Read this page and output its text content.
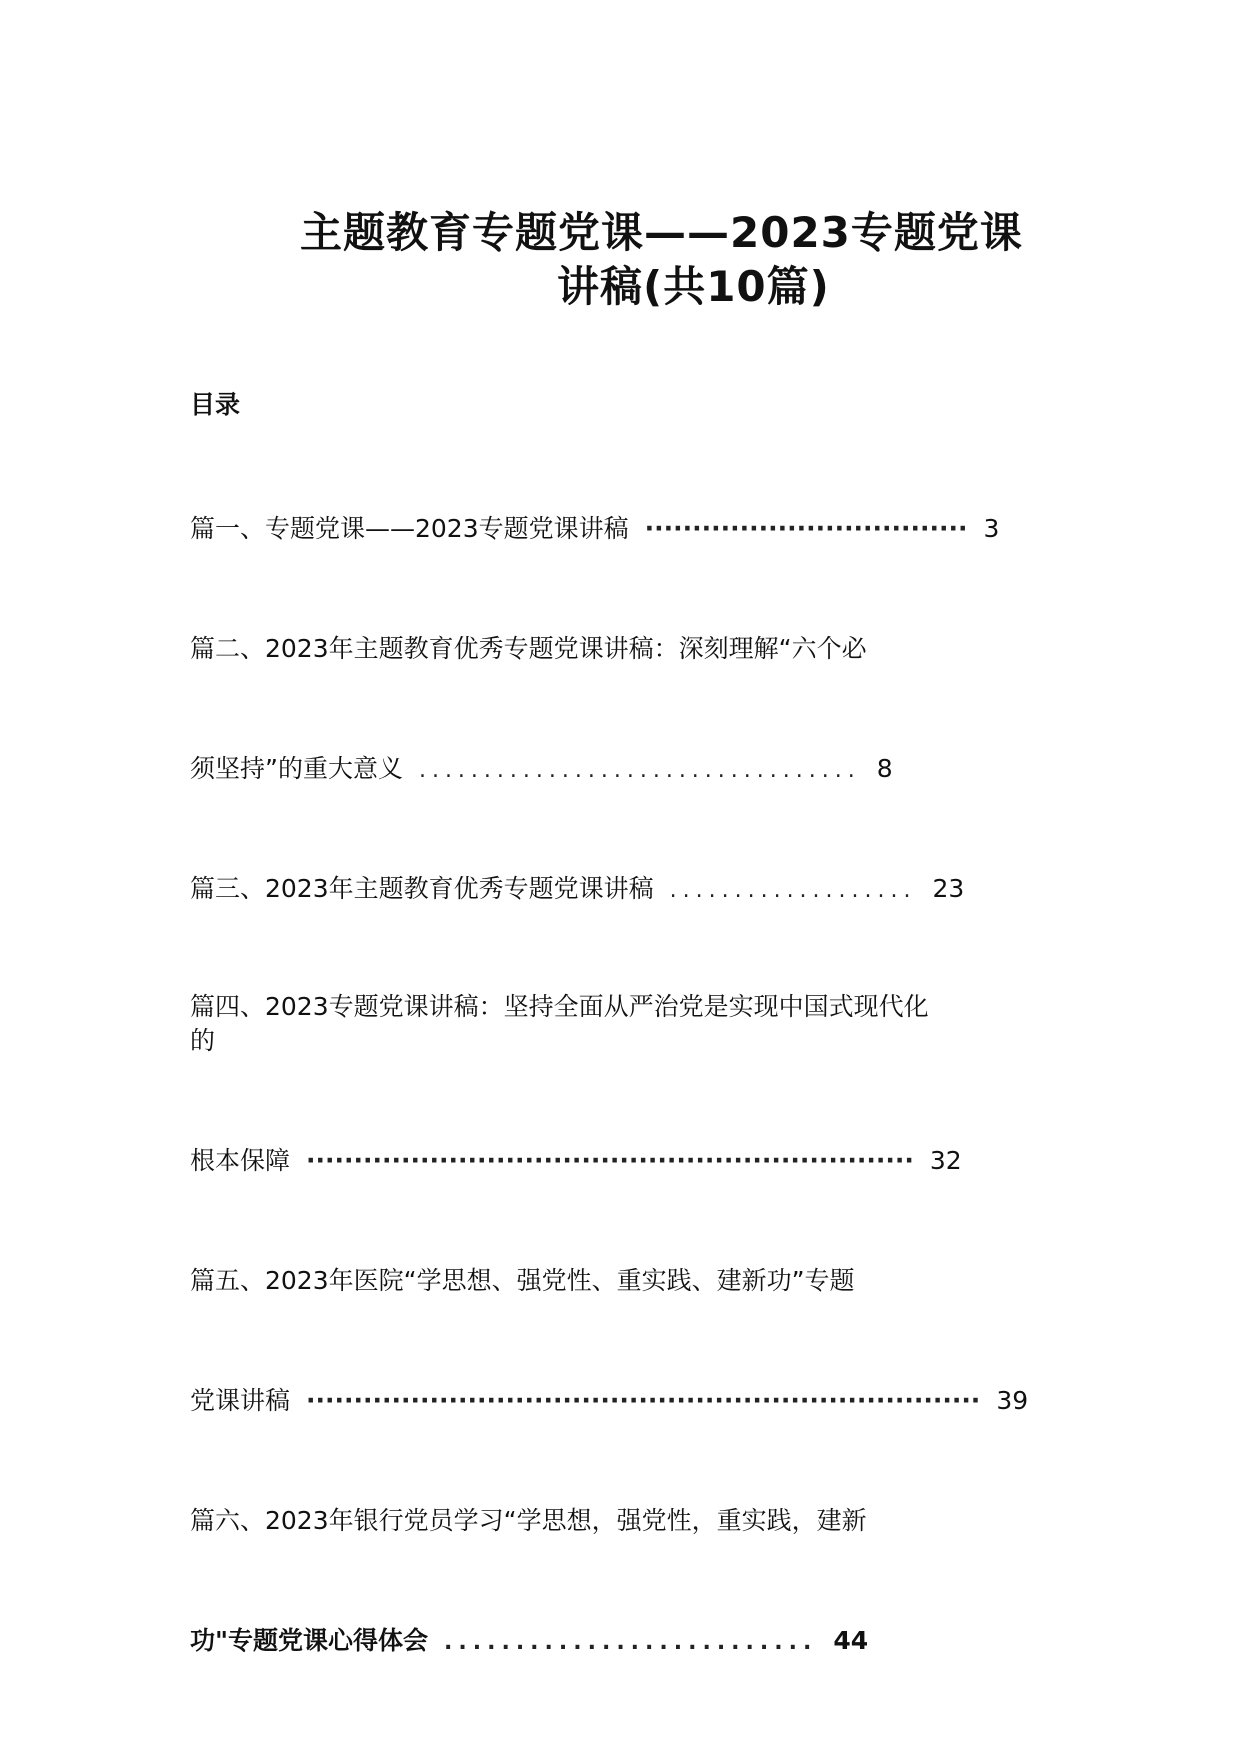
主题教育专题党课——2023专题党课
讲稿(共10篇)
目录
篇一、专题党课——2023专题党课讲稿 ·································· 3
篇二、2023年主题教育优秀专题党课讲稿：深刻理解“六个必
须坚持”的重大意义 .................................. 8
篇三、2023年主题教育优秀专题党课讲稿 ................... 23
篇四、2023专题党课讲稿：坚持全面从严治党是实现中国式现代化
的
根本保障 ································································ 32
篇五、2023年医院“学思想、强党性、重实践、建新功”专题
党课讲稿 ······································································· 39
篇六、2023年银行党员学习“学思想，强党性，重实践，建新
功"专题党课心得体会 .......................... 44
